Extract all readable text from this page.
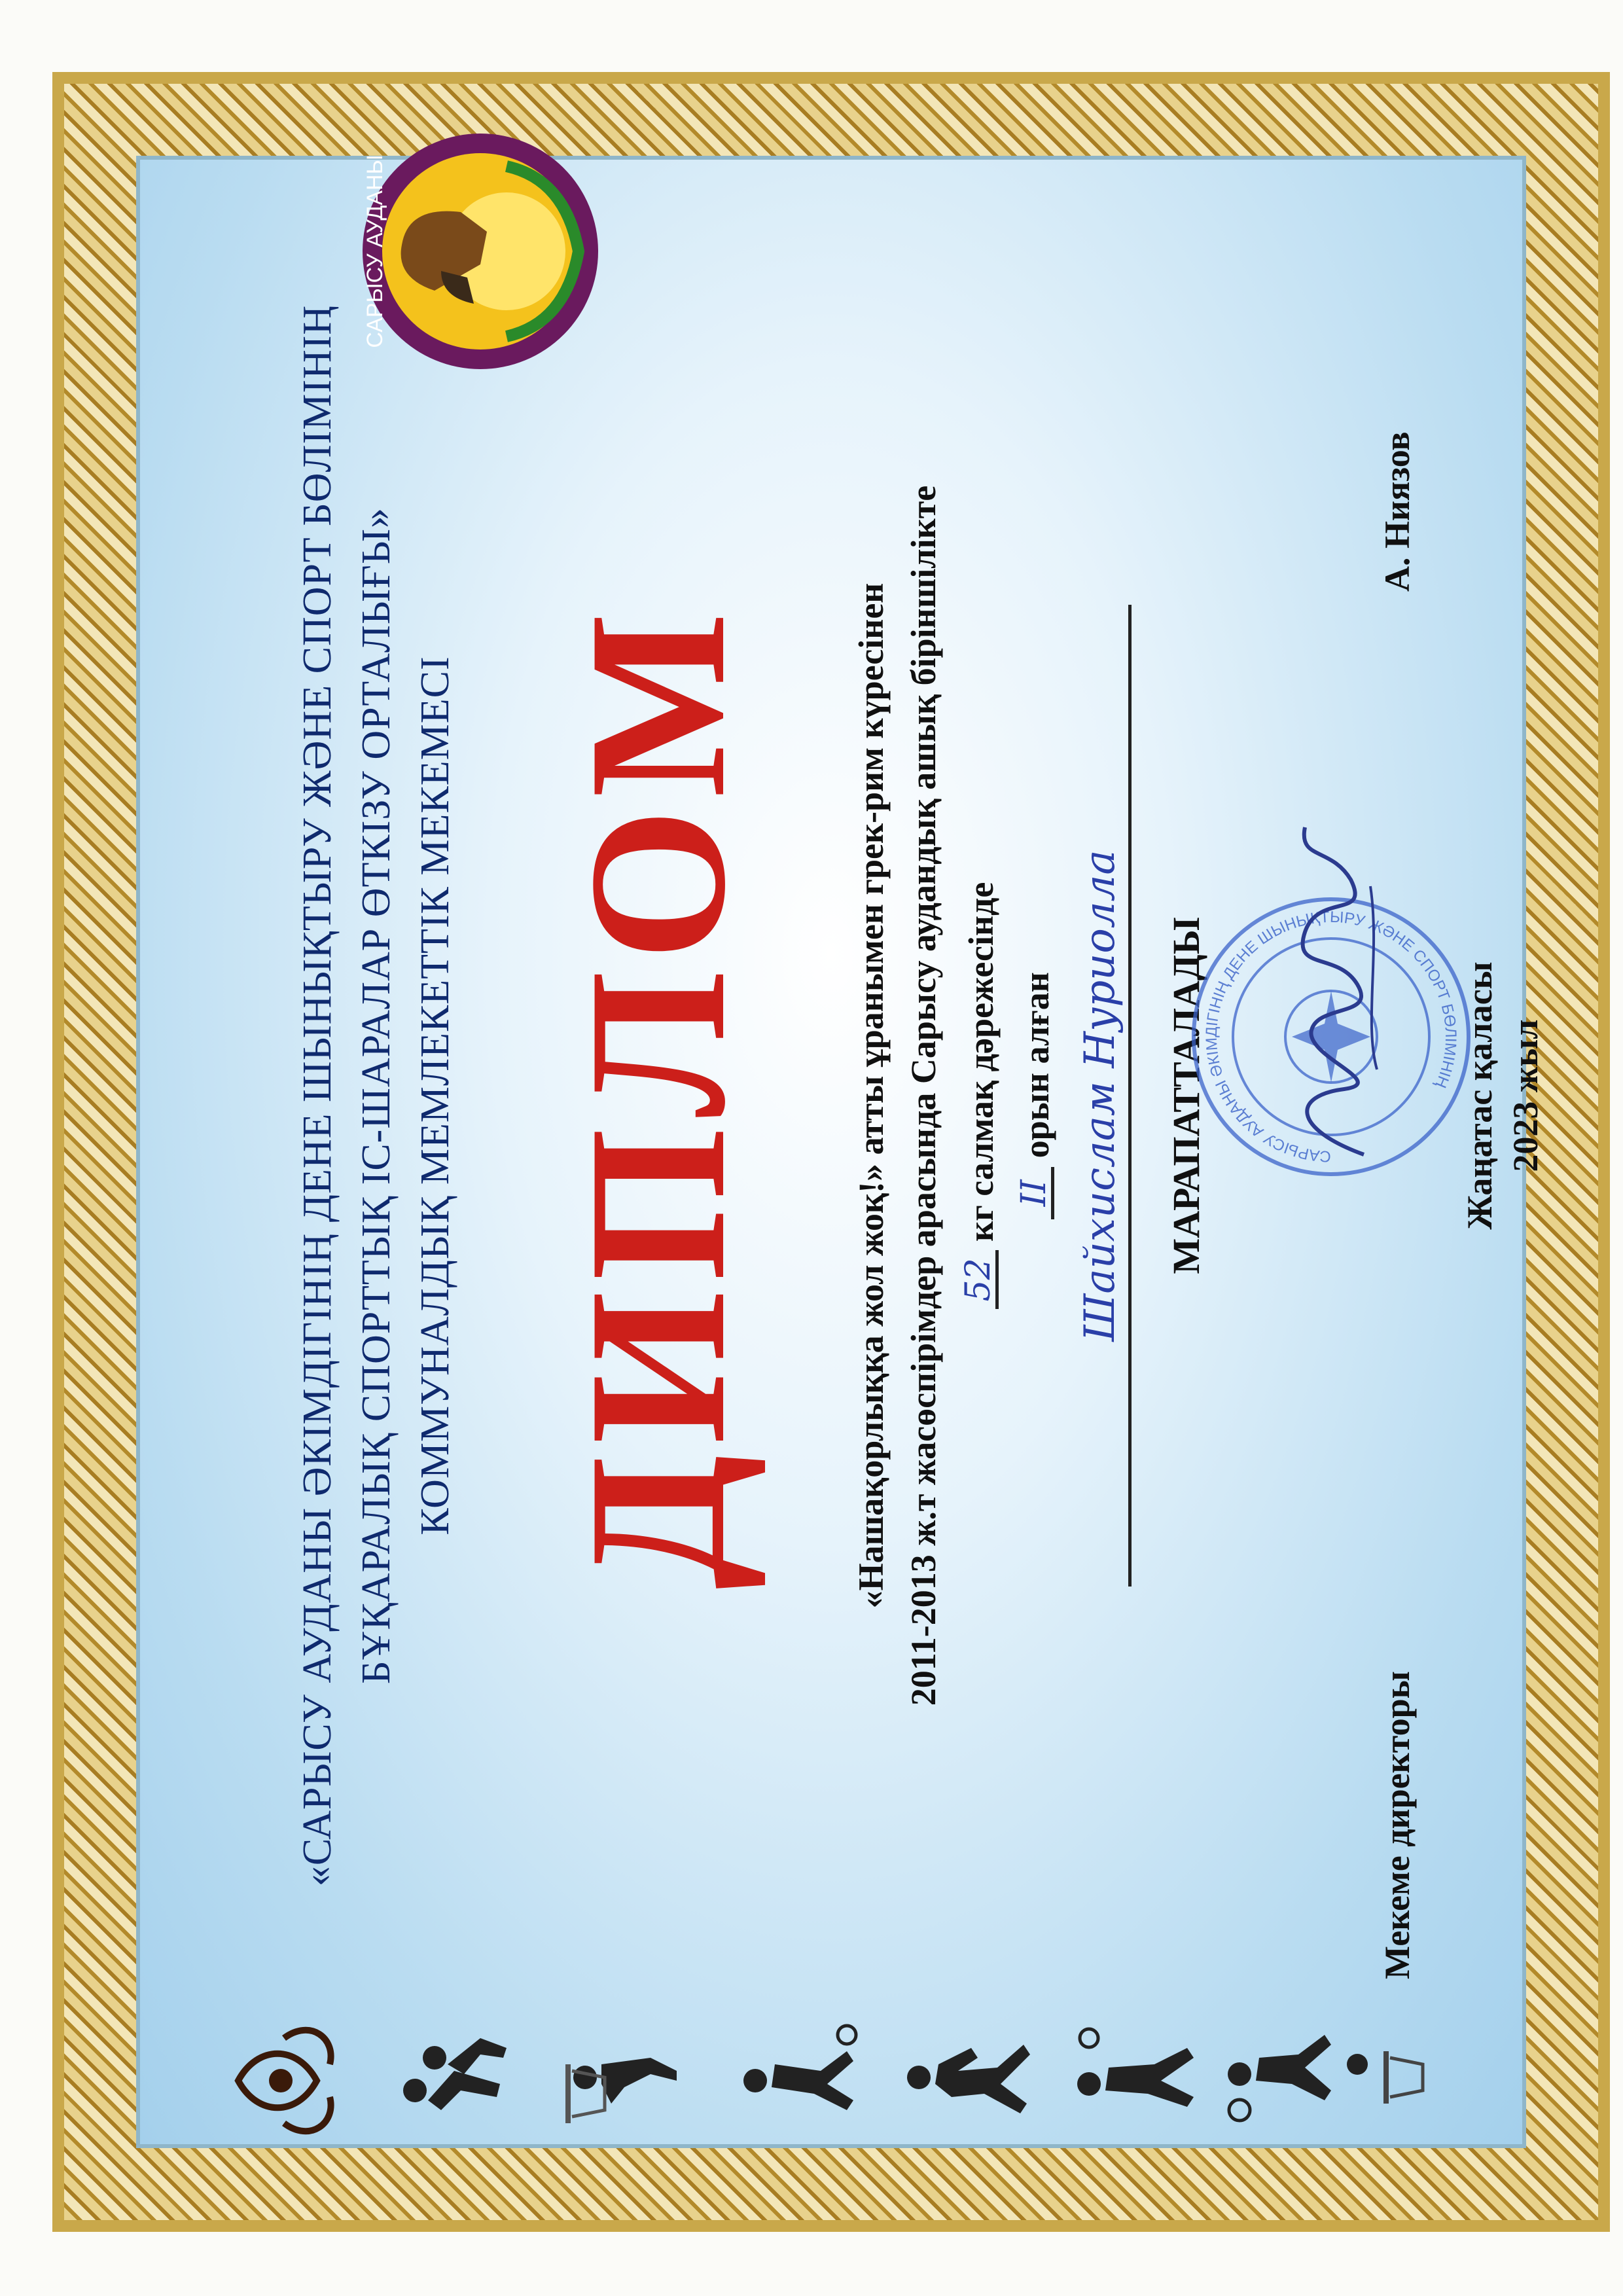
«САРЫСУ АУДАНЫ ӘКІМДІГІНІҢ ДЕНЕ ШЫНЫҚТЫРУ ЖӘНЕ СПОРТ БӨЛІМІНІҢ БҰҚАРАЛЫҚ СПОРТТЫҚ ІС-ШАРАЛАР ӨТКІЗУ ОРТАЛЫҒЫ» КОММУНАЛДЫҚ МЕМЛЕКЕТТІК МЕКЕМЕСІ
САРЫСУ АУДАНЫ
ДИПЛОМ «Нашақорлыққа жол жоқ!» атты ұранымен грек-рим күресінен 2011-2013 ж.т жасөспірімдер арасында Сарысу аудандық ашық біріншілікте 52 кг салмақ дәрежесінде II орын алған Шайхислам Нуриолла МАРАПАТТАЛАДЫ	САРЫСУ АУДАНЫ ӘКІМДІГІНІҢ ДЕНЕ ШЫНЫҚТЫРУ ЖӘНЕ СПОРТ БӨЛІМІНІҢ
Мекеме директоры
А. Ниязов
Жаңатас қаласы 2023 жыл
